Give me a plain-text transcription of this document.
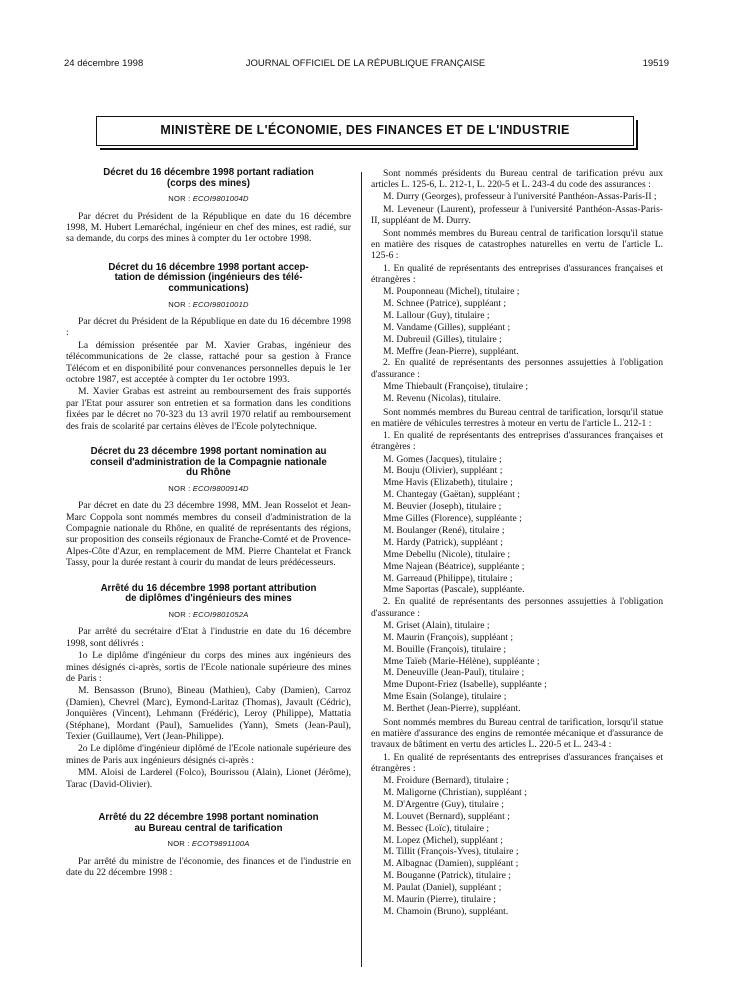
24 décembre 1998	JOURNAL OFFICIEL DE LA RÉPUBLIQUE FRANÇAISE	19519
MINISTÈRE DE L'ÉCONOMIE, DES FINANCES ET DE L'INDUSTRIE
Décret du 16 décembre 1998 portant radiation
(corps des mines)
NOR : ECOI9801004D

Par décret du Président de la République en date du 16 décembre 1998, M. Hubert Lemaréchal, ingénieur en chef des mines, est radié, sur sa demande, du corps des mines à compter du 1er octobre 1998.

Décret du 16 décembre 1998 portant accep-
tation de démission (ingénieurs des télé-
communications)
NOR : ECOI9801001D

Par décret du Président de la République en date du 16 décembre 1998 :

La démission présentée par M. Xavier Grabas, ingénieur des télécommunications de 2e classe, rattaché pour sa gestion à France Télécom et en disponibilité pour convenances personnelles depuis le 1er octobre 1987, est acceptée à compter du 1er octobre 1993.

M. Xavier Grabas est astreint au remboursement des frais supportés par l'Etat pour assurer son entretien et sa formation dans les conditions fixées par le décret no 70-323 du 13 avril 1970 relatif au remboursement des frais de scolarité par certains élèves de l'Ecole polytechnique.

Décret du 23 décembre 1998 portant nomination au
conseil d'administration de la Compagnie nationale
du Rhône
NOR : ECOI9800914D

Par décret en date du 23 décembre 1998, MM. Jean Rosselot et Jean-Marc Coppola sont nommés membres du conseil d'administration de la Compagnie nationale du Rhône, en qualité de représentants des régions, sur proposition des conseils régionaux de Franche-Comté et de Provence-Alpes-Côte d'Azur, en remplacement de MM. Pierre Chantelat et Franck Tassy, pour la durée restant à courir du mandat de leurs prédécesseurs.

Arrêté du 16 décembre 1998 portant attribution
de diplômes d'ingénieurs des mines
NOR : ECOI9801052A

Par arrêté du secrétaire d'Etat à l'industrie en date du 16 décembre 1998, sont délivrés :

1o Le diplôme d'ingénieur du corps des mines aux ingénieurs des mines désignés ci-après, sortis de l'Ecole nationale supérieure des mines de Paris :

M. Bensasson (Bruno), Bineau (Mathieu), Caby (Damien), Carroz (Damien), Chevrel (Marc), Eymond-Laritaz (Thomas), Javault (Cédric), Jonquières (Vincent), Lehmann (Frédéric), Leroy (Philippe), Mattatia (Stéphane), Mordant (Paul), Samuelides (Yann), Smets (Jean-Paul), Texier (Guillaume), Vert (Jean-Philippe).

2o Le diplôme d'ingénieur diplômé de l'Ecole nationale supérieure des mines de Paris aux ingénieurs désignés ci-après :

MM. Aloisi de Larderel (Folco), Bourissou (Alain), Lionet (Jérôme), Tarac (David-Olivier).

Arrêté du 22 décembre 1998 portant nomination
au Bureau central de tarification
NOR : ECOT9891100A

Par arrêté du ministre de l'économie, des finances et de l'industrie en date du 22 décembre 1998 :

Sont nommés présidents du Bureau central de tarification prévu aux articles L. 125-6, L. 212-1, L. 220-5 et L. 243-4 du code des assurances :

M. Durry (Georges), professeur à l'université Panthéon-Assas-Paris-II ;

M. Leveneur (Laurent), professeur à l'université Panthéon-Assas-Paris-II, suppléant de M. Durry.

Sont nommés membres du Bureau central de tarification lorsqu'il statue en matière des risques de catastrophes naturelles en vertu de l'article L. 125-6 :

1. En qualité de représentants des entreprises d'assurances françaises et étrangères :

M. Pouponneau (Michel), titulaire ;
M. Schnee (Patrice), suppléant ;
M. Lallour (Guy), titulaire ;
M. Vandame (Gilles), suppléant ;
M. Dubreuil (Gilles), titulaire ;
M. Meffre (Jean-Pierre), suppléant.

2. En qualité de représentants des personnes assujetties à l'obligation d'assurance :

Mme Thiebault (Françoise), titulaire ;
M. Revenu (Nicolas), titulaire.

Sont nommés membres du Bureau central de tarification, lorsqu'il statue en matière de véhicules terrestres à moteur en vertu de l'article L. 212-1 :

1. En qualité de représentants des entreprises d'assurances françaises et étrangères :

M. Gomes (Jacques), titulaire ;
M. Bouju (Olivier), suppléant ;
Mme Havis (Elizabeth), titulaire ;
M. Chantegay (Gaëtan), suppléant ;
M. Beuvier (Joseph), titulaire ;
Mme Gilles (Florence), suppléante ;
M. Boulanger (René), titulaire ;
M. Hardy (Patrick), suppléant ;
Mme Debellu (Nicole), titulaire ;
Mme Najean (Béatrice), suppléante ;
M. Garreaud (Philippe), titulaire ;
Mme Saportas (Pascale), suppléante.

2. En qualité de représentants des personnes assujetties à l'obligation d'assurance :

M. Griset (Alain), titulaire ;
M. Maurin (François), suppléant ;
M. Bouille (François), titulaire ;
Mme Taïeb (Marie-Hélène), suppléante ;
M. Deneuville (Jean-Paul), titulaire ;
Mme Dupont-Friez (Isabelle), suppléante ;
Mme Esain (Solange), titulaire ;
M. Berthet (Jean-Pierre), suppléant.

Sont nommés membres du Bureau central de tarification, lorsqu'il statue en matière d'assurance des engins de remontée mécanique et d'assurance de travaux de bâtiment en vertu des articles L. 220-5 et L. 243-4 :

1. En qualité de représentants des entreprises d'assurances françaises et étrangères :

M. Froidure (Bernard), titulaire ;
M. Maligorne (Christian), suppléant ;
M. D'Argentre (Guy), titulaire ;
M. Louvet (Bernard), suppléant ;
M. Bessec (Loïc), titulaire ;
M. Lopez (Michel), suppléant ;
M. Tillit (François-Yves), titulaire ;
M. Albagnac (Damien), suppléant ;
M. Bouganne (Patrick), titulaire ;
M. Paulat (Daniel), suppléant ;
M. Maurin (Pierre), titulaire ;
M. Chamoin (Bruno), suppléant.
